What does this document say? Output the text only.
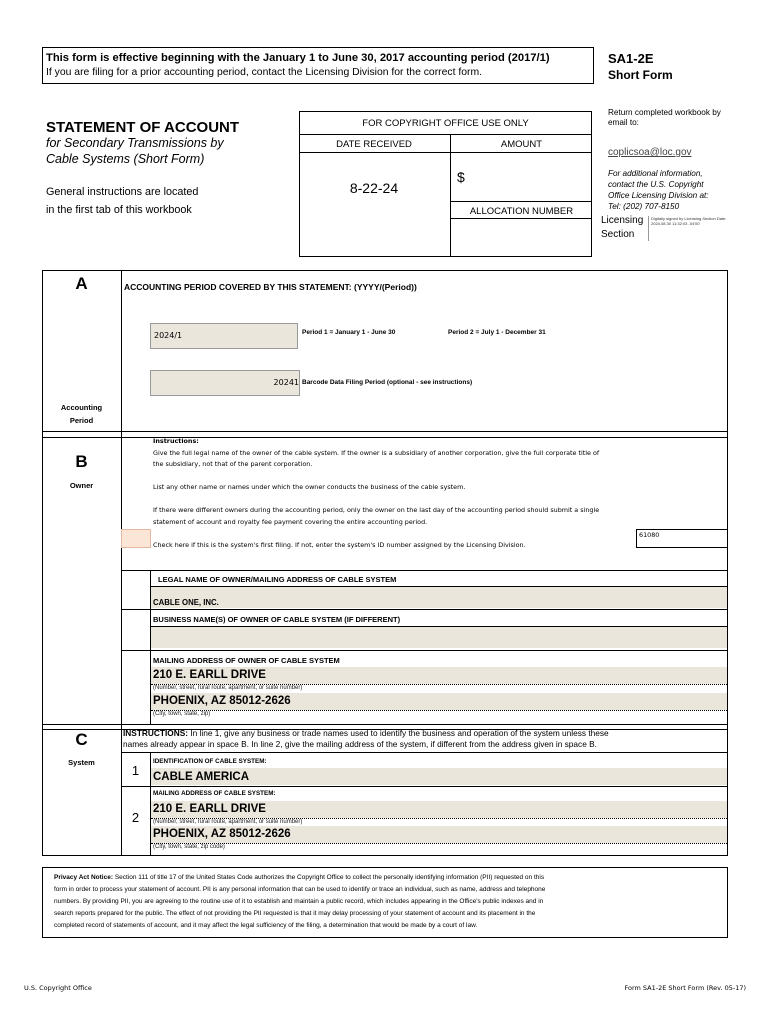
This form is effective beginning with the January 1 to June 30, 2017 accounting period (2017/1)
If you are filing for a prior accounting period, contact the Licensing Division for the correct form.
SA1-2E
Short Form
STATEMENT OF ACCOUNT
for Secondary Transmissions by
Cable Systems (Short Form)
General instructions are located
in the first tab of this workbook
FOR COPYRIGHT OFFICE USE ONLY
DATE RECEIVED	AMOUNT
8-22-24
$
ALLOCATION NUMBER
Return completed workbook by email to:
coplicsoa@loc.gov
For additional information,
contact the U.S. Copyright
Office Licensing Division at:
Tel: (202) 707-8150
Licensing
Section
Digitally signed by Licensing Section Date: 2024.08.30 11:32:03 -04'00'
A	ACCOUNTING PERIOD COVERED BY THIS STATEMENT: (YYYY/(Period))
2024/1	Period 1 = January 1 - June 30	Period 2 = July 1 - December 31
20241 Barcode Data Filing Period (optional - see instructions)
Accounting
Period
B
Owner
Instructions:
Give the full legal name of the owner of the cable system. If the owner is a subsidiary of another corporation, give the full corporate title of
the subsidiary, not that of the parent corporation.
List any other name or names under which the owner conducts the business of the cable system.
If there were different owners during the accounting period, only the owner on the last day of the accounting period should submit a single
statement of account and royalty fee payment covering the entire accounting period.
Check here if this is the system's first filing. If not, enter the system's ID number assigned by the Licensing Division.
61080
LEGAL NAME OF OWNER/MAILING ADDRESS OF CABLE SYSTEM
CABLE ONE, INC.
BUSINESS NAME(S) OF OWNER OF CABLE SYSTEM (IF DIFFERENT)
MAILING ADDRESS OF OWNER OF CABLE SYSTEM
210 E. EARLL DRIVE
(Number, street, rural route, apartment, or suite number)
PHOENIX, AZ 85012-2626
(City, town, state, zip)
C
System
INSTRUCTIONS: In line 1, give any business or trade names used to identify the business and operation of the system unless these
names already appear in space B. In line 2, give the mailing address of the system, if different from the address given in space B.
1
IDENTIFICATION OF CABLE SYSTEM:
CABLE AMERICA
2
MAILING ADDRESS OF CABLE SYSTEM:
210 E. EARLL DRIVE
(Number, street, rural route, apartment, or suite number)
PHOENIX, AZ 85012-2626
(City, town, state, zip code)
Privacy Act Notice: Section 111 of title 17 of the United States Code authorizes the Copyright Office to collect the personally identifying information (PII) requested on this
form in order to process your statement of account. PII is any personal information that can be used to identify or trace an individual, such as name, address and telephone
numbers. By providing PII, you are agreeing to the routine use of it to establish and maintain a public record, which includes appearing in the Office's public indexes and in
search reports prepared for the public. The effect of not providing the PII requested is that it may delay processing of your statement of account and its placement in the
completed record of statements of account, and it may affect the legal sufficiency of the filing, a determination that would be made by a court of law.
U.S. Copyright Office	Form SA1-2E Short Form (Rev. 05-17)
